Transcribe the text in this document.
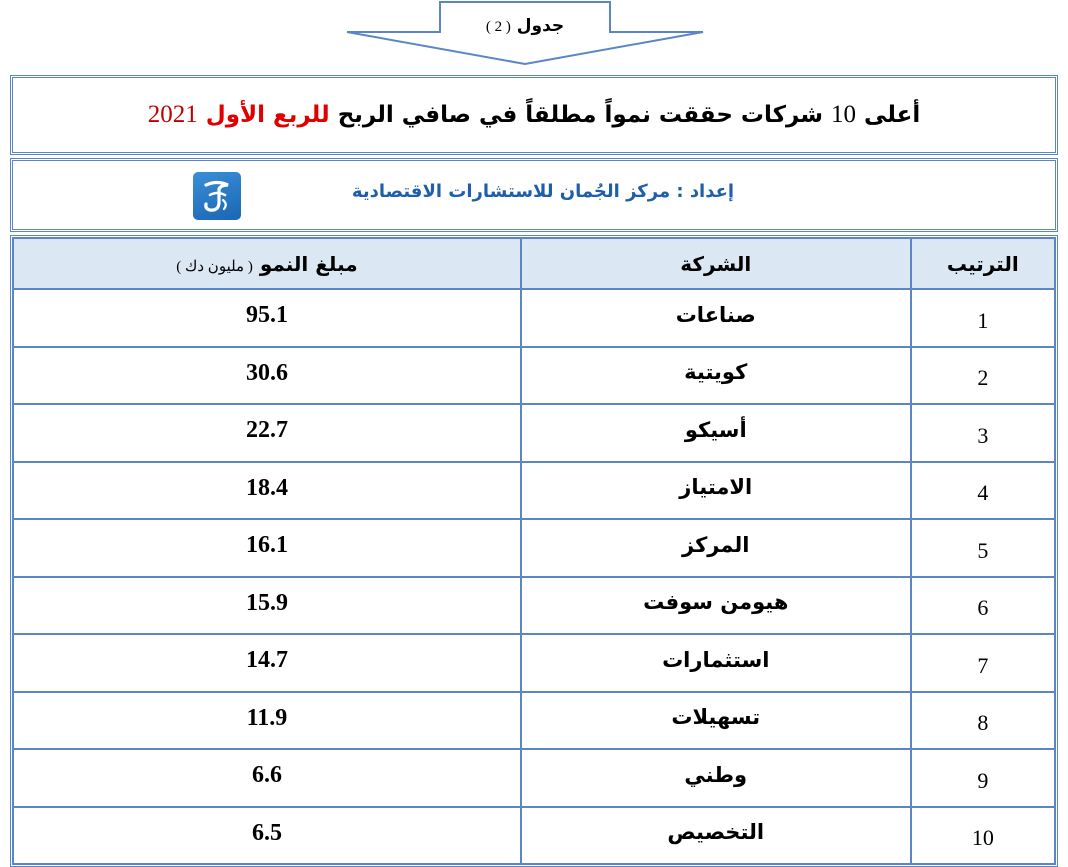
جدول ( 2 )
أعلى 10 شركات حققت نمواً مطلقاً في صافي الربح للربع الأول 2021
إعداد : مركز الجُمان للاستشارات الاقتصادية
الترتيب	الشركة	مبلغ النمو ( مليون دك )
1	صناعات	95.1
2	كويتية	30.6
3	أسيكو	22.7
4	الامتياز	18.4
5	المركز	16.1
6	هيومن سوفت	15.9
7	استثمارات	14.7
8	تسهيلات	11.9
9	وطني	6.6
10	التخصيص	6.5
